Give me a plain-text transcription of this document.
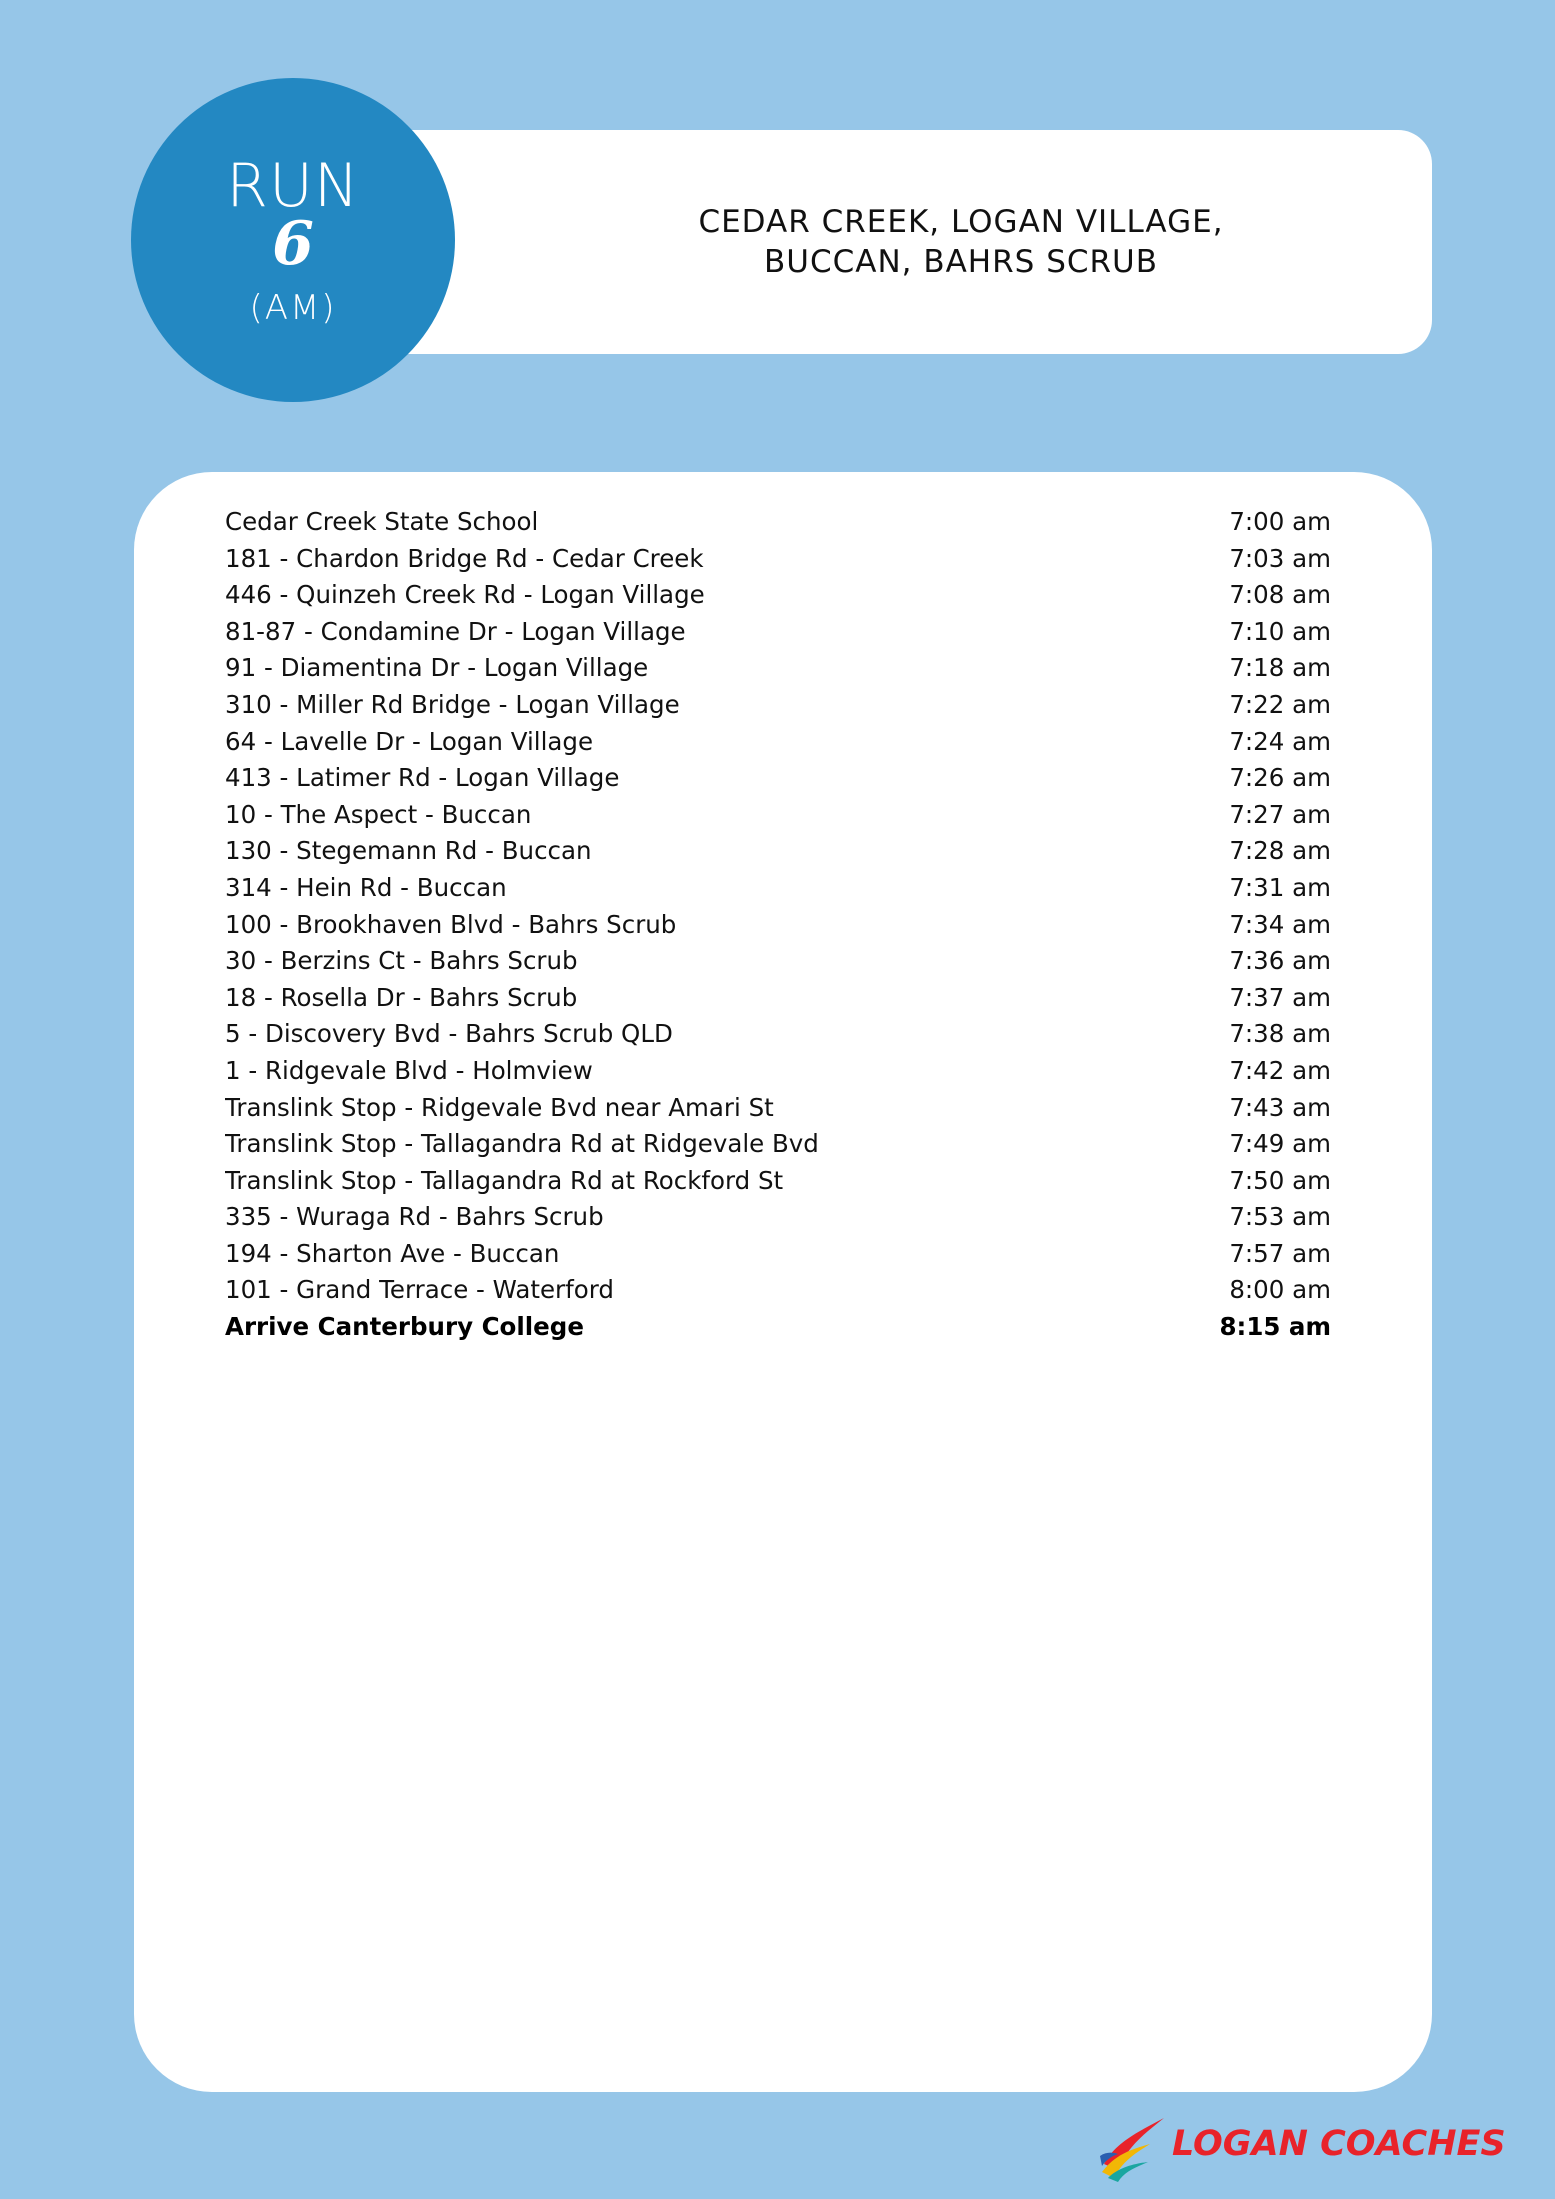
CEDAR CREEK, LOGAN VILLAGE,
BUCCAN, BAHRS SCRUB
RUN
6
(AM)
Cedar Creek State School	7:00 am
181 - Chardon Bridge Rd - Cedar Creek	7:03 am
446 - Quinzeh Creek Rd - Logan Village	7:08 am
81-87 - Condamine Dr - Logan Village	7:10 am
91 - Diamentina Dr - Logan Village	7:18 am
310 - Miller Rd Bridge - Logan Village	7:22 am
64 - Lavelle Dr - Logan Village	7:24 am
413 - Latimer Rd - Logan Village	7:26 am
10 - The Aspect - Buccan	7:27 am
130 - Stegemann Rd - Buccan	7:28 am
314 - Hein Rd - Buccan	7:31 am
100 - Brookhaven Blvd - Bahrs Scrub	7:34 am
30 - Berzins Ct - Bahrs Scrub	7:36 am
18 - Rosella Dr - Bahrs Scrub	7:37 am
5 - Discovery Bvd - Bahrs Scrub QLD	7:38 am
1 - Ridgevale Blvd - Holmview	7:42 am
Translink Stop - Ridgevale Bvd near Amari St	7:43 am
Translink Stop - Tallagandra Rd at Ridgevale Bvd	7:49 am
Translink Stop - Tallagandra Rd at Rockford St	7:50 am
335 - Wuraga Rd - Bahrs Scrub	7:53 am
194 - Sharton Ave - Buccan	7:57 am
101 - Grand Terrace - Waterford	8:00 am
Arrive Canterbury College	8:15 am
LOGAN COACHES
